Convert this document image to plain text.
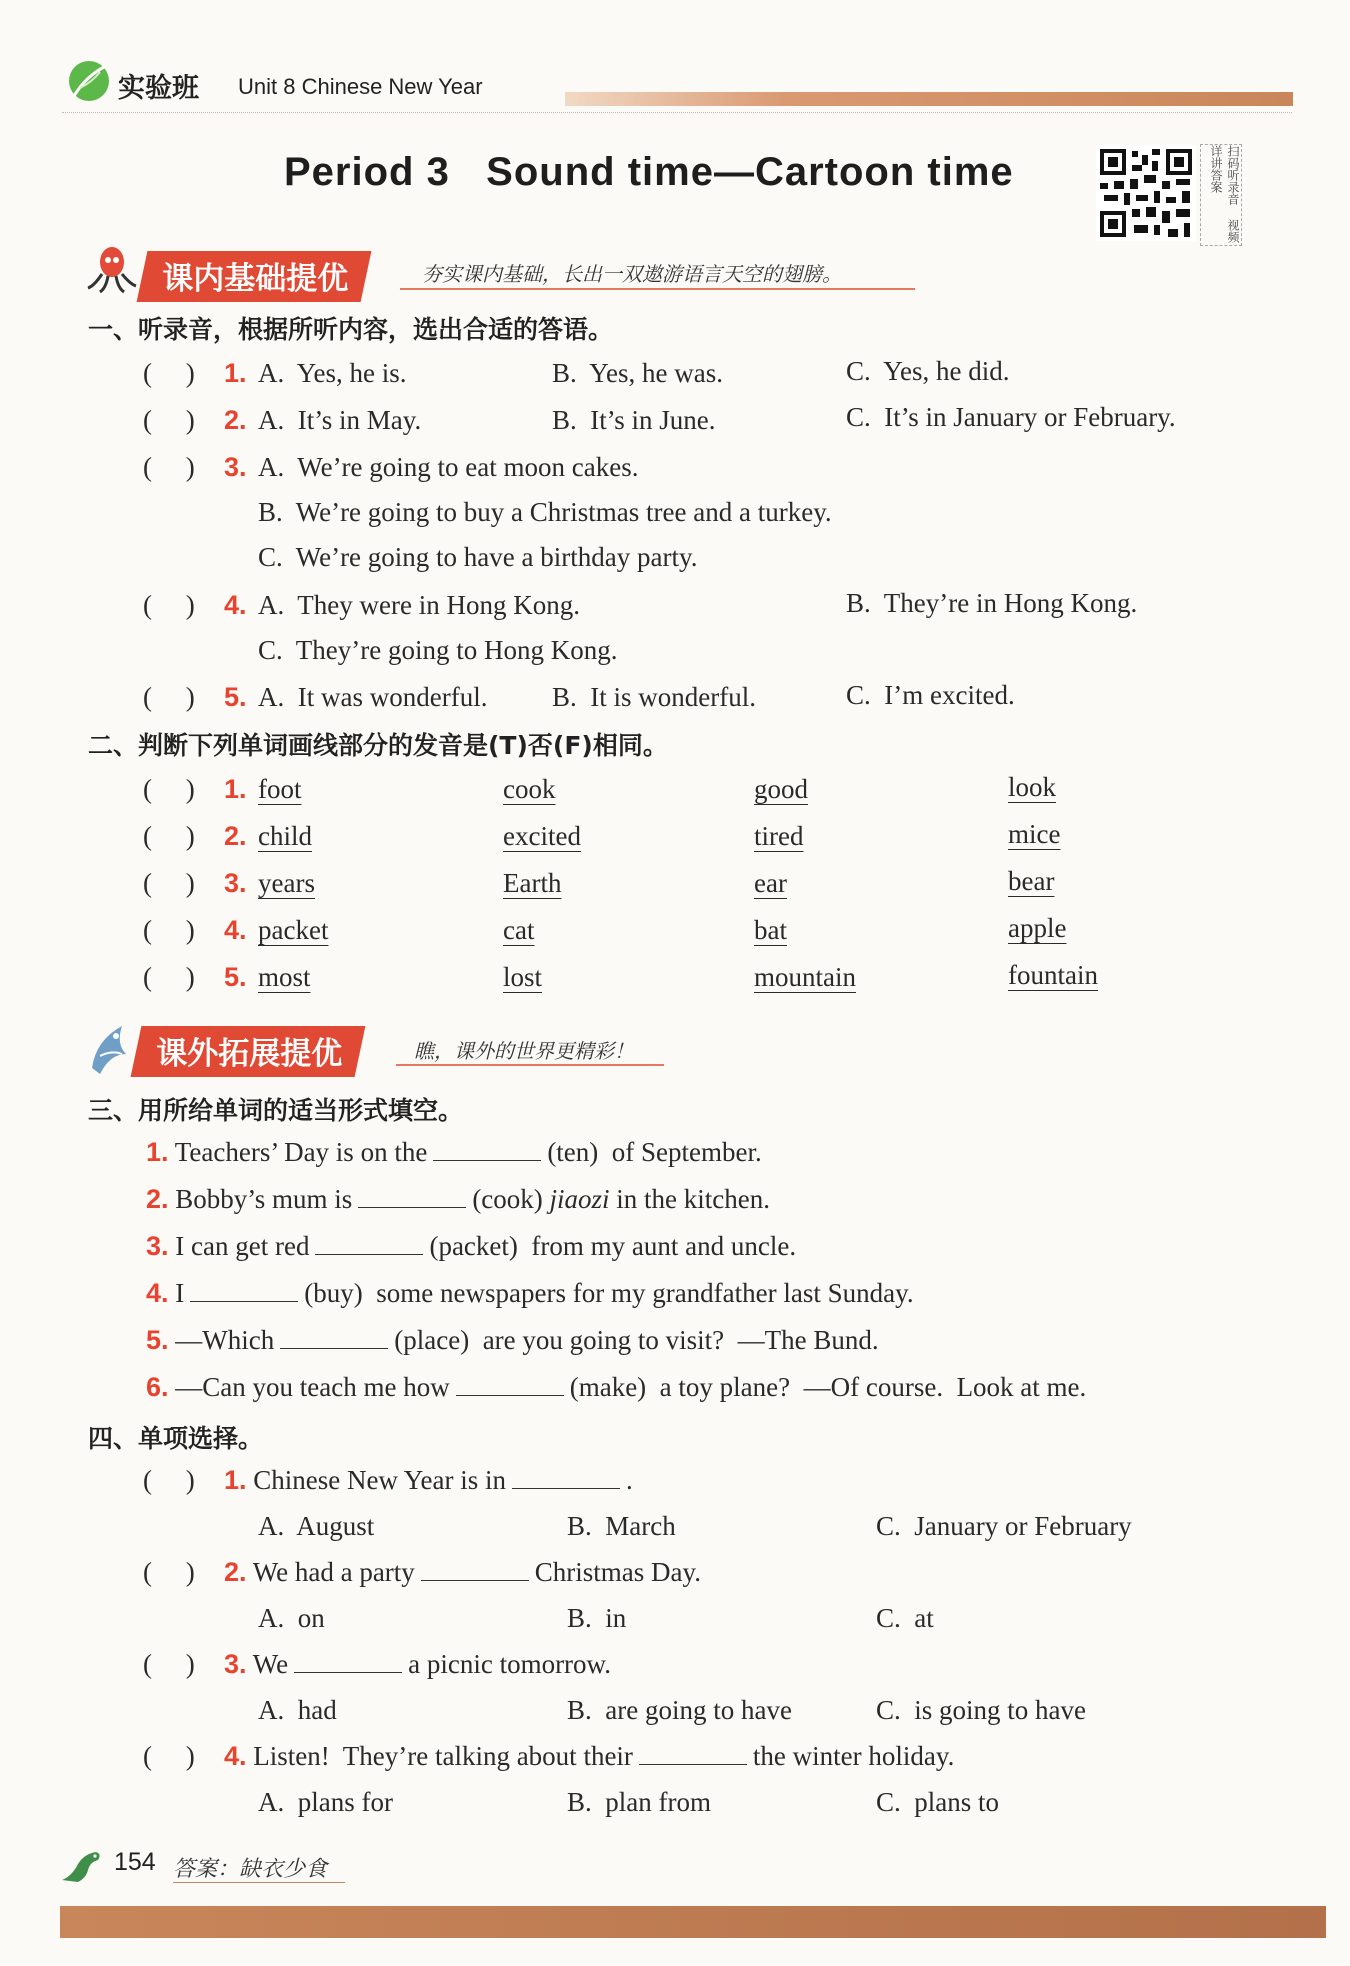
实验班 Unit 8 Chinese New Year
Period 3   Sound time—Cartoon time	扫码听录音 视频详讲答案
课内基础提优	夯实课内基础，长出一双遨游语言天空的翅膀。
一、听录音，根据所听内容，选出合适的答语。
(     ) 1. A.  Yes, he is.	B.  Yes, he was.	C.  Yes, he did.
(     ) 2. A.  It’s in May.	B.  It’s in June.	C.  It’s in January or February.
(     ) 3. A.  We’re going to eat moon cakes.
B.  We’re going to buy a Christmas tree and a turkey.
C.  We’re going to have a birthday party.
(     ) 4. A.  They were in Hong Kong.	B.  They’re in Hong Kong.
C.  They’re going to Hong Kong.
(     ) 5. A.  It was wonderful. B.  It is wonderful.	C.  I’m excited.
二、判断下列单词画线部分的发音是(T)否(F)相同。
(     ) 1. foot	cook	good	look
(     ) 2. child	excited	tired	mice
(     ) 3. years	Earth	ear	bear
(     ) 4. packet	cat	bat	apple
(     ) 5. most	lost	mountain	fountain
课外拓展提优	瞧，课外的世界更精彩！
三、用所给单词的适当形式填空。
1. Teachers’ Day is on the	(ten)  of September.
2. Bobby’s mum is	(cook) jiaozi in the kitchen.
3. I can get red	(packet)  from my aunt and uncle.
4. I	(buy)  some newspapers for my grandfather last Sunday.
5. —Which	(place)  are you going to visit?  —The Bund.
6. —Can you teach me how	(make)  a toy plane?  —Of course.  Look at me.
四、单项选择。
(     ) 1. Chinese New Year is in	.
A.  August	B.  March	C.  January or February
(     ) 2. We had a party	Christmas Day.
A.  on	B.  in	C.  at
(     ) 3. We	a picnic tomorrow.
A.  had	B.  are going to have	C.  is going to have
(     ) 4. Listen!  They’re talking about their	the winter holiday.
A.  plans for	B.  plan from	C.  plans to
154 答案：缺衣少食
